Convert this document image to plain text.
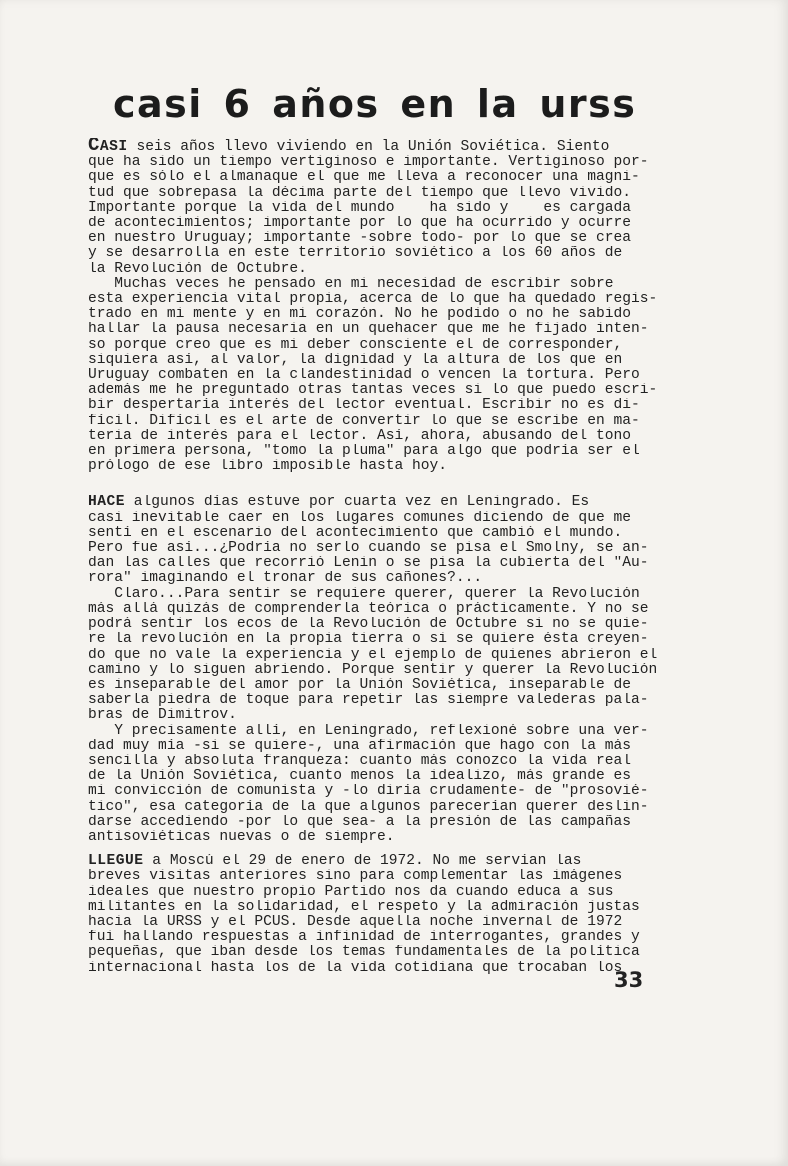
casi 6 años en la urss
CASI seis años llevo viviendo en la Unión Soviética. Siento
que ha sido un tiempo vertiginoso e importante. Vertiginoso por-
que es sólo el almanaque el que me lleva a reconocer una magni-
tud que sobrepasa la décima parte del tiempo que llevo vivido.
Importante porque la vida del mundo    ha sido y    es cargada
de acontecimientos; importante por lo que ha ocurrido y ocurre
en nuestro Uruguay; importante -sobre todo- por lo que se crea
y se desarrolla en este territorio soviético a los 60 años de
la Revolución de Octubre.
Muchas veces he pensado en mi necesidad de escribir sobre
esta experiencia vital propia, acerca de lo que ha quedado regis-
trado en mi mente y en mi corazón. No he podido o no he sabido
hallar la pausa necesaria en un quehacer que me he fijado inten-
so porque creo que es mi deber consciente el de corresponder,
siquiera así, al valor, la dignidad y la altura de los que en
Uruguay combaten en la clandestinidad o vencen la tortura. Pero
además me he preguntado otras tantas veces si lo que puedo escri-
bir despertaría interés del lector eventual. Escribir no es di-
fícil. Difícil es el arte de convertir lo que se escribe en ma-
teria de interés para el lector. Así, ahora, abusando del tono
en primera persona, "tomo la pluma" para algo que podría ser el
prólogo de ese libro imposible hasta hoy.
HACE algunos días estuve por cuarta vez en Leningrado. Es
casi inevitable caer en los lugares comunes diciendo de que me
sentí en el escenario del acontecimiento que cambió el mundo.
Pero fue así...¿Podría no serlo cuando se pisa el Smolny, se an-
dan las calles que recorrió Lenin o se pisa la cubierta del "Au-
rora" imaginando el tronar de sus cañones?...
Claro...Para sentir se requiere querer, querer la Revolución
más allá quizás de comprenderla teórica o prácticamente. Y no se
podrá sentir los ecos de la Revolución de Octubre si no se quie-
re la revolución en la propia tierra o si se quiere ésta creyen-
do que no vale la experiencia y el ejemplo de quienes abrieron el
camino y lo siguen abriendo. Porque sentir y querer la Revolución
es inseparable del amor por la Unión Soviética, inseparable de
saberla piedra de toque para repetir las siempre valederas pala-
bras de Dimitrov.
Y precisamente allí, en Leningrado, reflexioné sobre una ver-
dad muy mía -si se quiere-, una afirmación que hago con la más
sencilla y absoluta franqueza: cuanto más conozco la vida real
de la Unión Soviética, cuanto menos la idealizo, más grande es
mi convicción de comunista y -lo diría crudamente- de "prosovié-
tico", esa categoría de la que algunos parecerían querer deslin-
darse accediendo -por lo que sea- a la presión de las campañas
antisoviéticas nuevas o de siempre.
LLEGUE a Moscú el 29 de enero de 1972. No me servían las
breves visitas anteriores sino para complementar las imágenes
ideales que nuestro propio Partido nos da cuando educa a sus
militantes en la solidaridad, el respeto y la admiración justas
hacia la URSS y el PCUS. Desde aquella noche invernal de 1972
fui hallando respuestas a infinidad de interrogantes, grandes y
pequeñas, que iban desde los temas fundamentales de la política
internacional hasta los de la vida cotidiana que trocaban los
33
